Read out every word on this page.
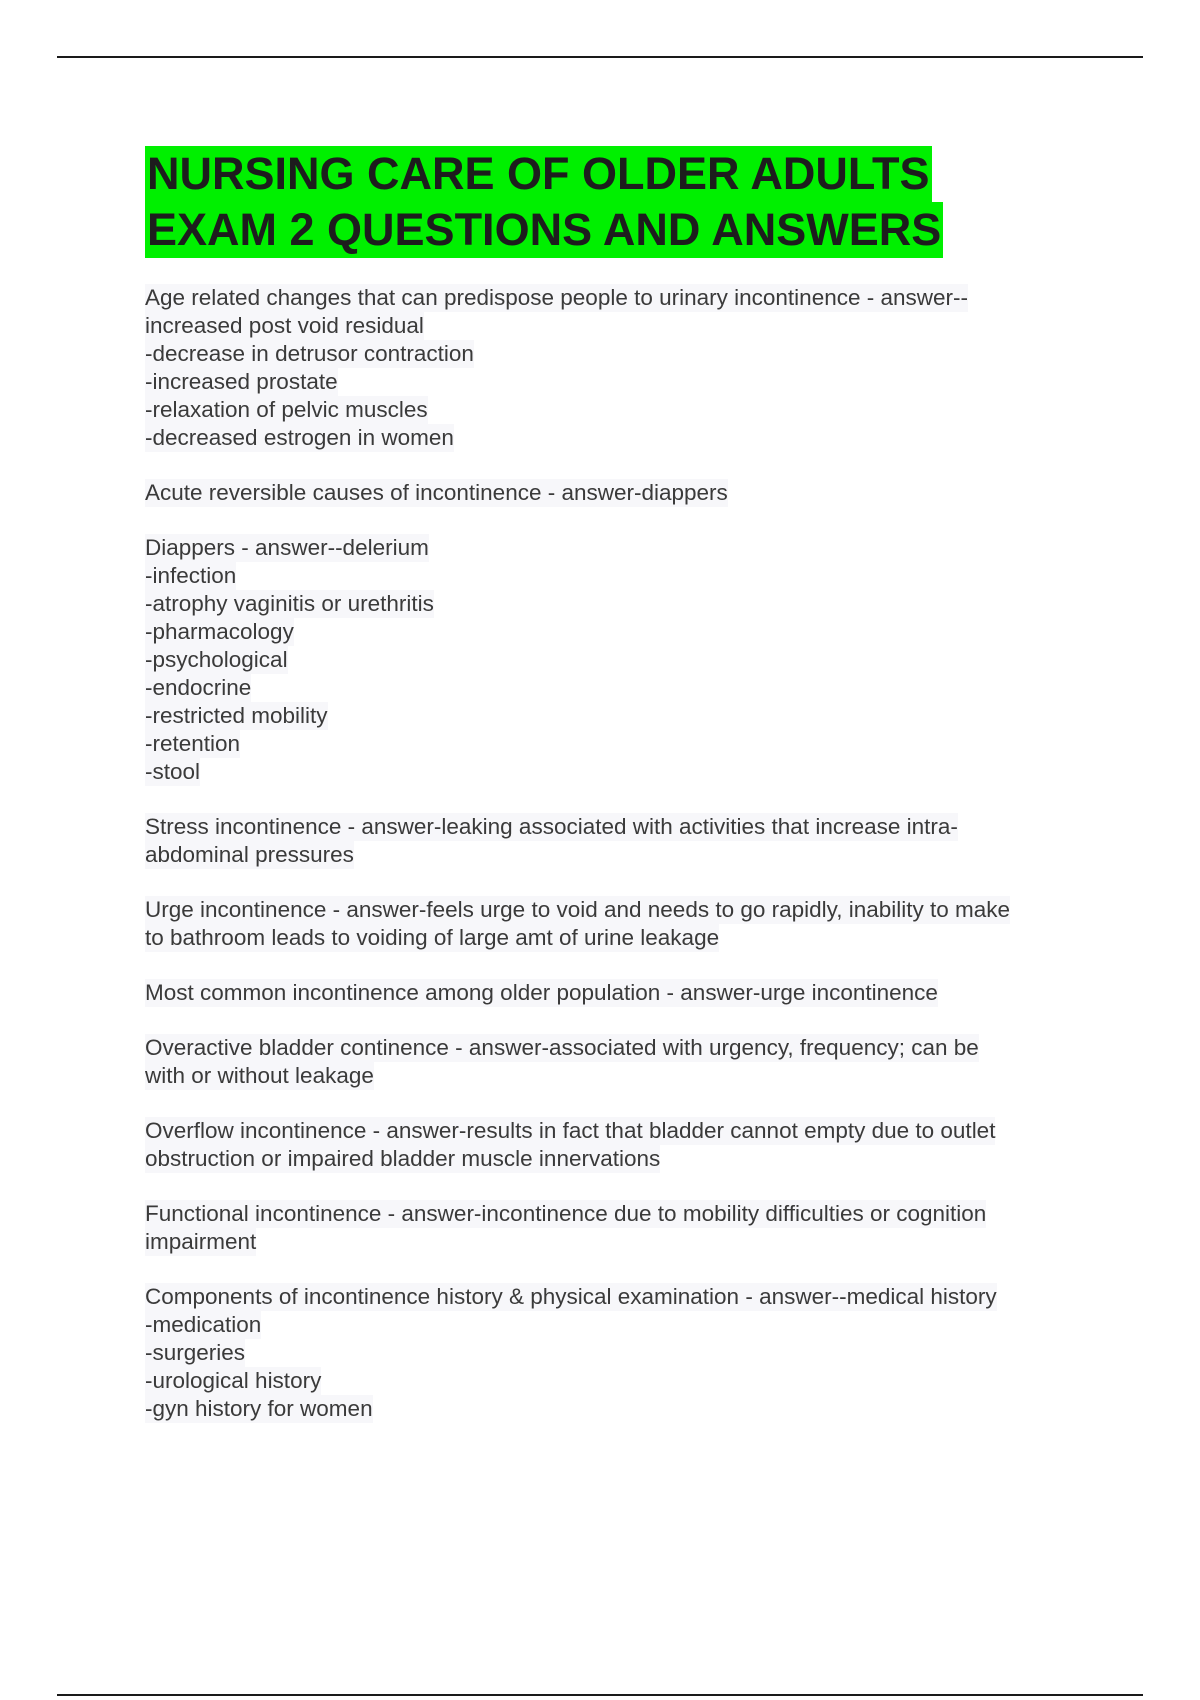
NURSING CARE OF OLDER ADULTS
EXAM 2 QUESTIONS AND ANSWERS
Age related changes that can predispose people to urinary incontinence - answer--
increased post void residual
-decrease in detrusor contraction
-increased prostate
-relaxation of pelvic muscles
-decreased estrogen in women
Acute reversible causes of incontinence - answer-diappers
Diappers - answer--delerium
-infection
-atrophy vaginitis or urethritis
-pharmacology
-psychological
-endocrine
-restricted mobility
-retention
-stool
Stress incontinence - answer-leaking associated with activities that increase intra-
abdominal pressures
Urge incontinence - answer-feels urge to void and needs to go rapidly, inability to make
to bathroom leads to voiding of large amt of urine leakage
Most common incontinence among older population - answer-urge incontinence
Overactive bladder continence - answer-associated with urgency, frequency; can be
with or without leakage
Overflow incontinence - answer-results in fact that bladder cannot empty due to outlet
obstruction or impaired bladder muscle innervations
Functional incontinence - answer-incontinence due to mobility difficulties or cognition
impairment
Components of incontinence history & physical examination - answer--medical history
-medication
-surgeries
-urological history
-gyn history for women
